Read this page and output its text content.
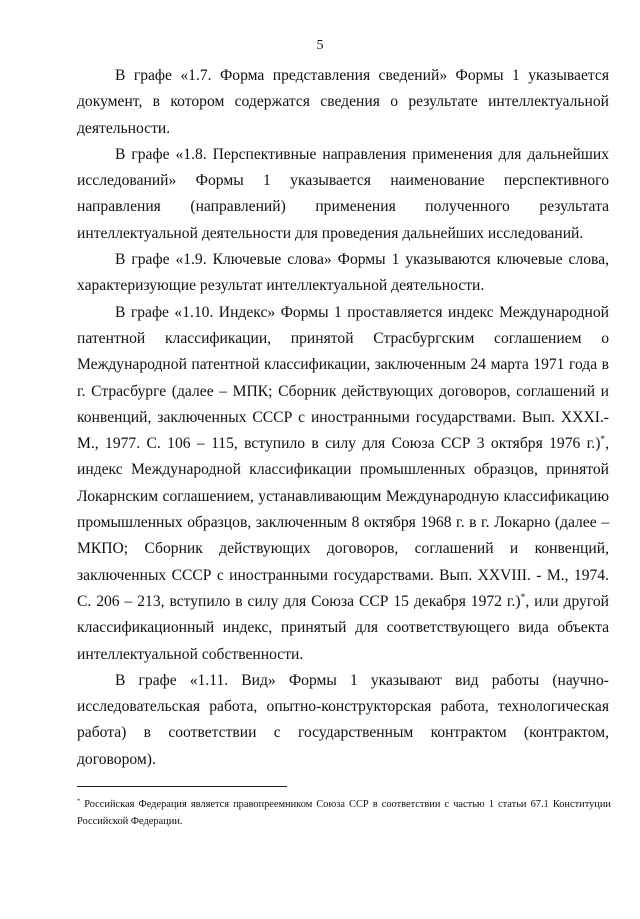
5

В графе «1.7. Форма представления сведений» Формы 1 указывается документ, в котором содержатся сведения о результате интеллектуальной деятельности.

В графе «1.8. Перспективные направления применения для дальнейших исследований» Формы 1 указывается наименование перспективного направления (направлений) применения полученного результата интеллектуальной деятельности для проведения дальнейших исследований.

В графе «1.9. Ключевые слова» Формы 1 указываются ключевые слова, характеризующие результат интеллектуальной деятельности.

В графе «1.10. Индекс» Формы 1 проставляется индекс Международной патентной классификации, принятой Страсбургским соглашением о Международной патентной классификации, заключенным 24 марта 1971 года в г. Страсбурге (далее – МПК; Сборник действующих договоров, соглашений и конвенций, заключенных СССР с иностранными государствами. Вып. XXXI.- М., 1977. С. 106 – 115, вступило в силу для Союза ССР 3 октября 1976 г.)*, индекс Международной классификации промышленных образцов, принятой Локарнским соглашением, устанавливающим Международную классификацию промышленных образцов, заключенным 8 октября 1968 г. в г. Локарно (далее – МКПО; Сборник действующих договоров, соглашений и конвенций, заключенных СССР с иностранными государствами. Вып. XXVIII. - М., 1974. С. 206 – 213, вступило в силу для Союза ССР 15 декабря 1972 г.)*, или другой классификационный индекс, принятый для соответствующего вида объекта интеллектуальной собственности.

В графе «1.11. Вид» Формы 1 указывают вид работы (научно-исследовательская работа, опытно-конструкторская работа, технологическая работа) в соответствии с государственным контрактом (контрактом, договором).

* Российская Федерация является правопреемником Союза ССР в соответствии с частью 1 статьи 67.1 Конституции Российской Федерации.
